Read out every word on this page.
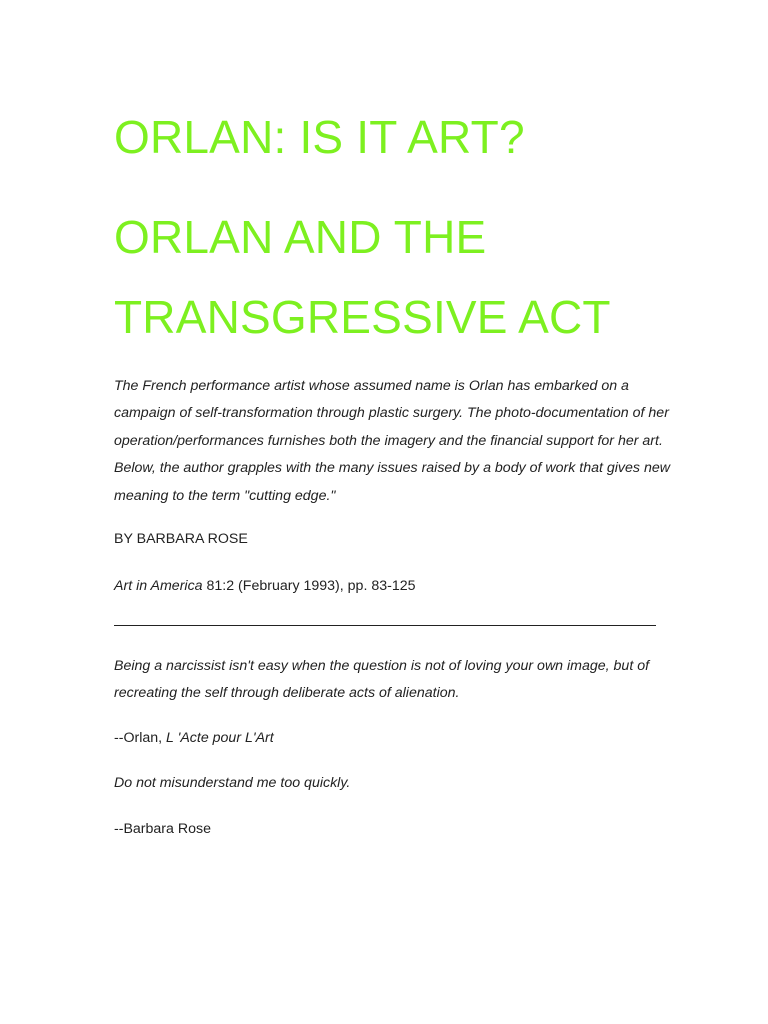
ORLAN: IS IT ART?
ORLAN AND THE
TRANSGRESSIVE ACT

The French performance artist whose assumed name is Orlan has embarked on a campaign of self-transformation through plastic surgery. The photo-documentation of her operation/performances furnishes both the imagery and the financial support for her art. Below, the author grapples with the many issues raised by a body of work that gives new meaning to the term "cutting edge."

BY BARBARA ROSE

Art in America 81:2 (February 1993), pp. 83-125

Being a narcissist isn't easy when the question is not of loving your own image, but of recreating the self through deliberate acts of alienation.

--Orlan, L 'Acte pour L'Art

Do not misunderstand me too quickly.

--Barbara Rose
